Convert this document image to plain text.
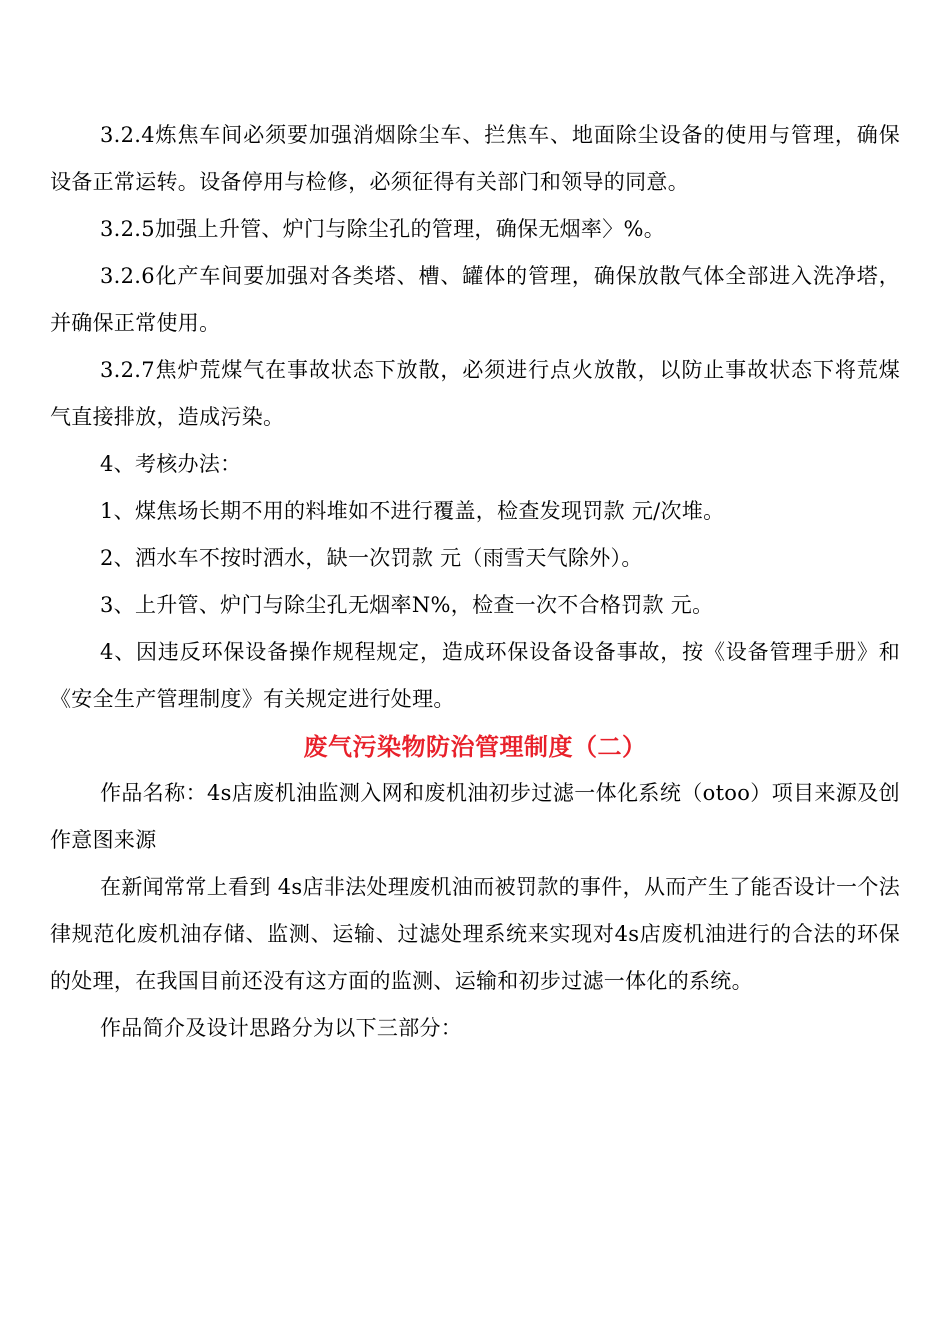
3.2.4炼焦车间必须要加强消烟除尘车、拦焦车、地面除尘设备的使用与管理，确保设备正常运转。设备停用与检修，必须征得有关部门和领导的同意。

3.2.5加强上升管、炉门与除尘孔的管理，确保无烟率〉%。

3.2.6化产车间要加强对各类塔、槽、罐体的管理，确保放散气体全部进入洗净塔，并确保正常使用。

3.2.7焦炉荒煤气在事故状态下放散，必须进行点火放散，以防止事故状态下将荒煤气直接排放，造成污染。

4、考核办法：

1、煤焦场长期不用的料堆如不进行覆盖，检查发现罚款 元/次堆。

2、洒水车不按时洒水，缺一次罚款 元（雨雪天气除外）。

3、上升管、炉门与除尘孔无烟率N%，检查一次不合格罚款 元。

4、因违反环保设备操作规程规定，造成环保设备设备事故，按《设备管理手册》和《安全生产管理制度》有关规定进行处理。

废气污染物防治管理制度（二）

作品名称：4s店废机油监测入网和废机油初步过滤一体化系统（otoo）项目来源及创作意图来源

在新闻常常上看到 4s店非法处理废机油而被罚款的事件，从而产生了能否设计一个法律规范化废机油存储、监测、运输、过滤处理系统来实现对4s店废机油进行的合法的环保的处理，在我国目前还没有这方面的监测、运输和初步过滤一体化的系统。

作品简介及设计思路分为以下三部分：
